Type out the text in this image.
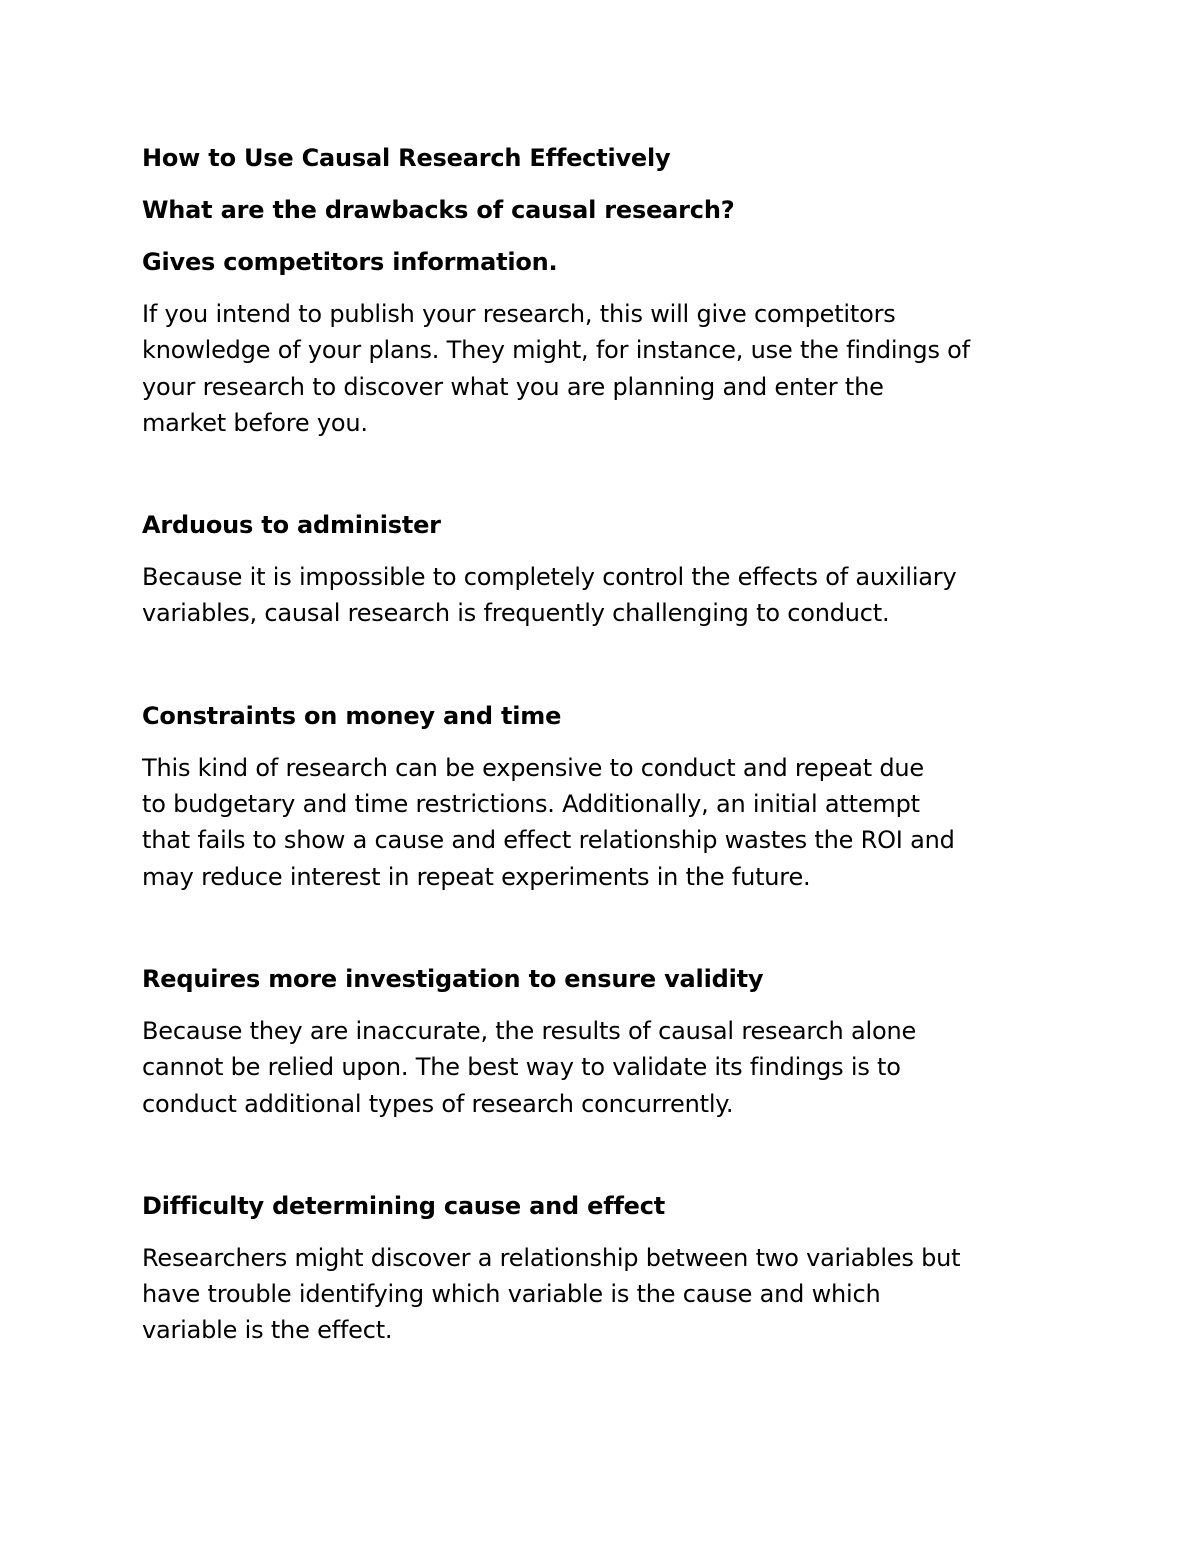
How to Use Causal Research Effectively
What are the drawbacks of causal research?
Gives competitors information.

If you intend to publish your research, this will give competitors
knowledge of your plans. They might, for instance, use the findings of
your research to discover what you are planning and enter the
market before you.

Arduous to administer

Because it is impossible to completely control the effects of auxiliary
variables, causal research is frequently challenging to conduct.

Constraints on money and time

This kind of research can be expensive to conduct and repeat due
to budgetary and time restrictions. Additionally, an initial attempt
that fails to show a cause and effect relationship wastes the ROI and
may reduce interest in repeat experiments in the future.

Requires more investigation to ensure validity

Because they are inaccurate, the results of causal research alone
cannot be relied upon. The best way to validate its findings is to
conduct additional types of research concurrently.

Difficulty determining cause and effect

Researchers might discover a relationship between two variables but
have trouble identifying which variable is the cause and which
variable is the effect.
